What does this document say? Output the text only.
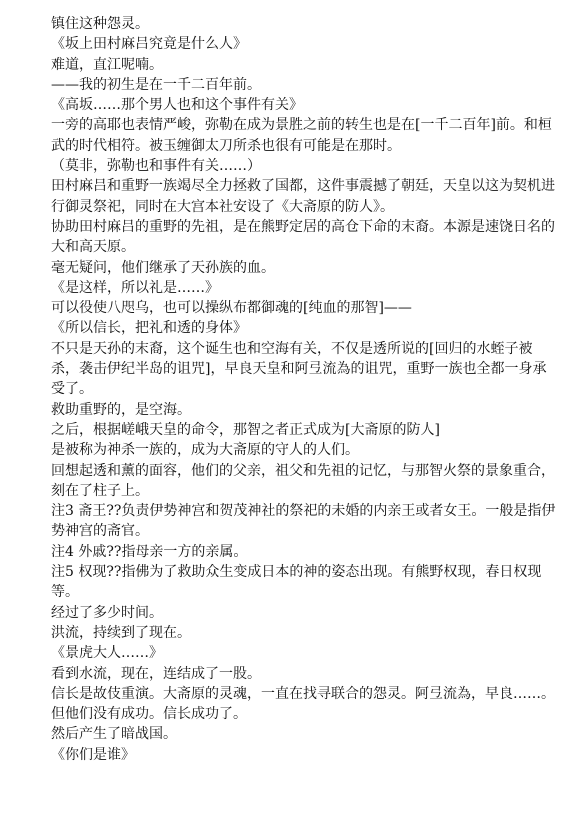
镇住这种怨灵。

《坂上田村麻吕究竟是什么人》

难道，直江呢喃。

——我的初生是在一千二百年前。

《高坂……那个男人也和这个事件有关》

一旁的高耶也表情严峻，弥勒在成为景胜之前的转生也是在[一千二百年]前。和桓武的时代相符。被玉缠御太刀所杀也很有可能是在那时。

（莫非，弥勒也和事件有关……）

田村麻吕和重野一族竭尽全力拯救了国都，这件事震撼了朝廷，天皇以这为契机进行御灵祭祀，同时在大宫本社安设了《大斋原的防人》。

协助田村麻吕的重野的先祖，是在熊野定居的高仓下命的末裔。本源是速饶日名的大和高天原。

毫无疑问，他们继承了天孙族的血。

《是这样，所以礼是……》

可以役使八咫乌，也可以操纵布都御魂的[纯血的那智]——

《所以信长，把礼和透的身体》

不只是天孙的末裔，这个诞生也和空海有关，不仅是透所说的[回归的水蛭子被杀，袭击伊纪半岛的诅咒]，早良天皇和阿弖流為的诅咒，重野一族也全都一身承受了。

救助重野的，是空海。

之后，根据嵯峨天皇的命令，那智之者正式成为[大斋原的防人]

是被称为神杀一族的，成为大斋原的守人的人们。

回想起透和薰的面容，他们的父亲，祖父和先祖的记忆，与那智火祭的景象重合，刻在了柱子上。

注3 斋王??负责伊势神宫和贺茂神社的祭祀的未婚的内亲王或者女王。一般是指伊势神宫的斋官。

注4 外戚??指母亲一方的亲属。

注5 权现??指佛为了救助众生变成日本的神的姿态出现。有熊野权现，春日权现等。

经过了多少时间。

洪流，持续到了现在。

《景虎大人……》

看到水流，现在，连结成了一股。

信长是故伎重演。大斋原的灵魂，一直在找寻联合的怨灵。阿弖流為，早良……。但他们没有成功。信长成功了。

然后产生了暗战国。

《你们是谁》
